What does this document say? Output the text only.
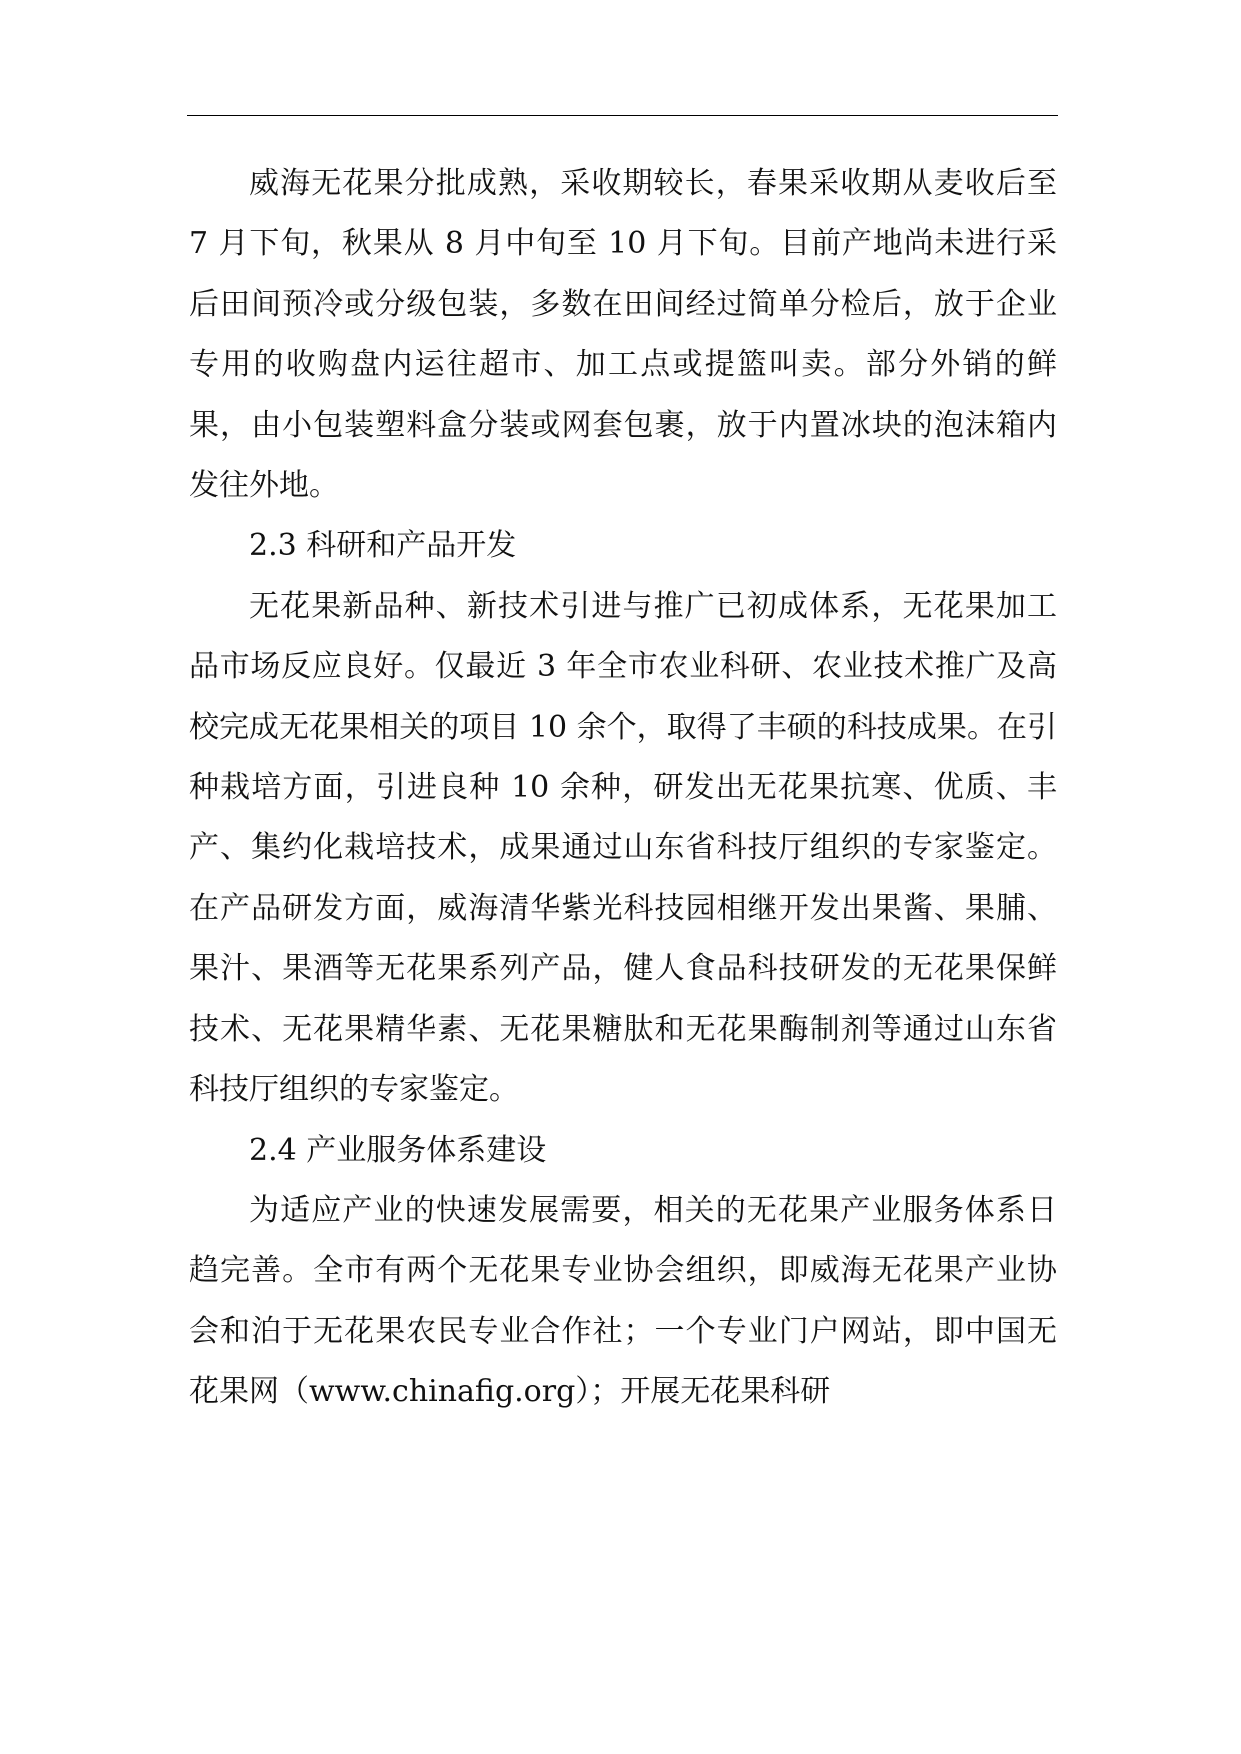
威海无花果分批成熟，采收期较长，春果采收期从麦收后至 7 月下旬，秋果从 8 月中旬至 10 月下旬。目前产地尚未进行采后田间预冷或分级包装，多数在田间经过简单分检后，放于企业专用的收购盘内运往超市、加工点或提篮叫卖。部分外销的鲜果，由小包装塑料盒分装或网套包裹，放于内置冰块的泡沫箱内发往外地。

2.3 科研和产品开发

无花果新品种、新技术引进与推广已初成体系，无花果加工品市场反应良好。仅最近 3 年全市农业科研、农业技术推广及高校完成无花果相关的项目 10 余个，取得了丰硕的科技成果。在引种栽培方面，引进良种 10 余种，研发出无花果抗寒、优质、丰产、集约化栽培技术，成果通过山东省科技厅组织的专家鉴定。在产品研发方面，威海清华紫光科技园相继开发出果酱、果脯、果汁、果酒等无花果系列产品，健人食品科技研发的无花果保鲜技术、无花果精华素、无花果糖肽和无花果酶制剂等通过山东省科技厅组织的专家鉴定。

2.4 产业服务体系建设

为适应产业的快速发展需要，相关的无花果产业服务体系日趋完善。全市有两个无花果专业协会组织，即威海无花果产业协会和泊于无花果农民专业合作社；一个专业门户网站，即中国无花果网（www.chinafig.org）；开展无花果科研
